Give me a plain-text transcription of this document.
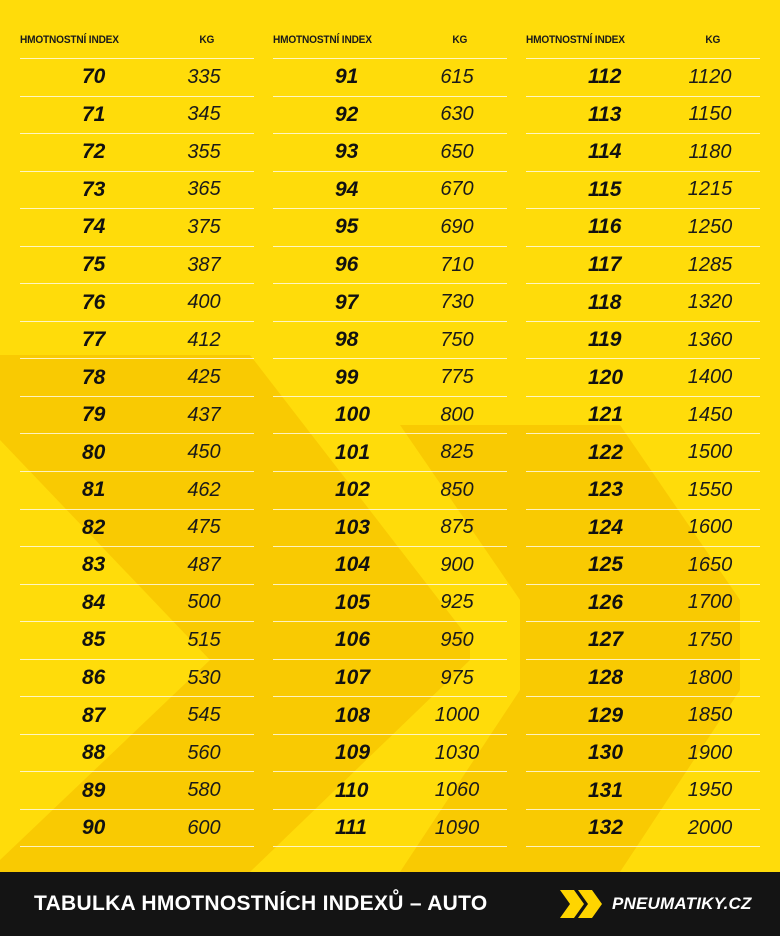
HMOTNOSTNÍ INDEX	KG
70	335
71	345
72	355
73	365
74	375
75	387
76	400
77	412
78	425
79	437
80	450
81	462
82	475
83	487
84	500
85	515
86	530
87	545
88	560
89	580
90	600
HMOTNOSTNÍ INDEX	KG
91	615
92	630
93	650
94	670
95	690
96	710
97	730
98	750
99	775
100	800
101	825
102	850
103	875
104	900
105	925
106	950
107	975
108	1000
109	1030
110	1060
111	1090
HMOTNOSTNÍ INDEX	KG
112	1120
113	1150
114	1180
115	1215
116	1250
117	1285
118	1320
119	1360
120	1400
121	1450
122	1500
123	1550
124	1600
125	1650
126	1700
127	1750
128	1800
129	1850
130	1900
131	1950
132	2000
TABULKA HMOTNOSTNÍCH INDEXŮ – AUTO	PNEUMATIKY.CZ
